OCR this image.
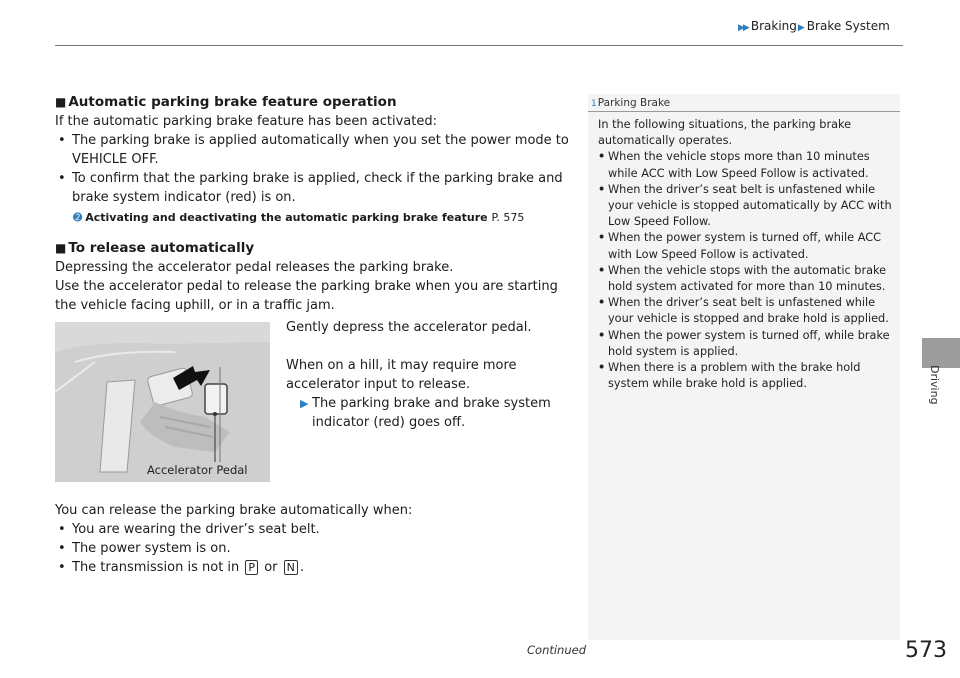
▶▶ Braking▶ Brake System
Driving
■ Automatic parking brake feature operation
If the automatic parking brake feature has been activated:
• The parking brake is applied automatically when you set the power mode to VEHICLE OFF.
• To confirm that the parking brake is applied, check if the parking brake and brake system indicator (red) is on.
➋ Activating and deactivating the automatic parking brake feature P. 575
■ To release automatically
Depressing the accelerator pedal releases the parking brake.
Use the accelerator pedal to release the parking brake when you are starting the vehicle facing uphill, or in a traffic jam.
Accelerator Pedal
Gently depress the accelerator pedal.
When on a hill, it may require more accelerator input to release.
▶ The parking brake and brake system indicator (red) goes off.
You can release the parking brake automatically when:
• You are wearing the driver’s seat belt.
• The power system is on.
• The transmission is not in P or N .
1Parking Brake
In the following situations, the parking brake automatically operates.
• When the vehicle stops more than 10 minutes while ACC with Low Speed Follow is activated.
• When the driver’s seat belt is unfastened while your vehicle is stopped automatically by ACC with Low Speed Follow.
• When the power system is turned off, while ACC with Low Speed Follow is activated.
• When the vehicle stops with the automatic brake hold system activated for more than 10 minutes.
• When the driver’s seat belt is unfastened while your vehicle is stopped and brake hold is applied.
• When the power system is turned off, while brake hold system is applied.
• When there is a problem with the brake hold system while brake hold is applied.
Continued	573
